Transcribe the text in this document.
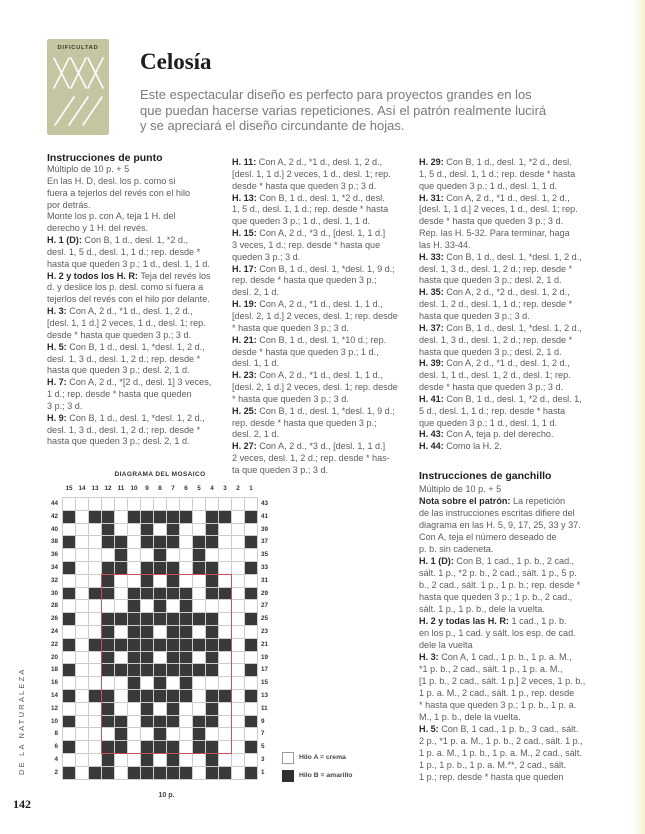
DIFICULTAD
Celosía
Este espectacular diseño es perfecto para proyectos grandes en los
que puedan hacerse varias repeticiones. Así el patrón realmente lucirá
y se apreciará el diseño circundante de hojas.
Instrucciones de punto
Múltiplo de 10 p. + 5
En las H. D, desl. los p. como si
fuera a tejerlos del revés con el hilo
por detrás.
Monte los p. con A, teja 1 H. del
derecho y 1 H. del revés.
H. 1 (D): Con B, 1 d., desl. 1, *2 d.,
desl. 1, 5 d., desl. 1, 1 d.; rep. desde *
hasta que queden 3 p.; 1 d., desl. 1, 1 d.
H. 2 y todos los H. R: Teja del revés los
d. y deslice los p. desl. como si fuera a
tejerlos del revés con el hilo por delante.
H. 3: Con A, 2 d., *1 d., desl. 1, 2 d.,
[desl. 1, 1 d.] 2 veces, 1 d., desl. 1; rep.
desde * hasta que queden 3 p.; 3 d.
H. 5: Con B, 1 d., desl. 1, *desl. 1, 2 d.,
desl. 1, 3 d., desl. 1, 2 d.; rep. desde *
hasta que queden 3 p.; desl. 2, 1 d.
H. 7: Con A, 2 d., *[2 d., desl. 1] 3 veces,
1 d.; rep. desde * hasta que queden
3 p.; 3 d.
H. 9: Con B, 1 d., desl. 1, *desl. 1, 2 d.,
desl. 1, 3 d., desl. 1, 2 d.; rep. desde *
hasta que queden 3 p.; desl. 2, 1 d.
H. 11: Con A, 2 d., *1 d., desl. 1, 2 d.,
[desl. 1, 1 d.] 2 veces, 1 d., desl. 1; rep.
desde * hasta que queden 3 p.; 3 d.
H. 13: Con B, 1 d., desl. 1, *2 d., desl.
1, 5 d., desl. 1, 1 d.; rep. desde * hasta
que queden 3 p.; 1 d., desl. 1, 1 d.
H. 15: Con A, 2 d., *3 d., [desl. 1, 1 d.]
3 veces, 1 d.; rep. desde * hasta que
queden 3 p.; 3 d.
H. 17: Con B, 1 d., desl. 1, *desl. 1, 9 d.;
rep. desde * hasta que queden 3 p.;
desl. 2, 1 d.
H. 19: Con A, 2 d., *1 d., desl. 1, 1 d.,
[desl. 2, 1 d.] 2 veces, desl. 1; rep. desde
* hasta que queden 3 p.; 3 d.
H. 21: Con B, 1 d., desl. 1, *10 d.; rep.
desde * hasta que queden 3 p.; 1 d.,
desl. 1, 1 d.
H. 23: Con A, 2 d., *1 d., desl. 1, 1 d.,
[desl. 2, 1 d.] 2 veces, desl. 1; rep. desde
* hasta que queden 3 p.; 3 d.
H. 25: Con B, 1 d., desl. 1, *desl. 1, 9 d.;
rep. desde * hasta que queden 3 p.;
desl. 2, 1 d.
H. 27: Con A, 2 d., *3 d., [desl. 1, 1 d.]
2 veces, desl. 1, 2 d.; rep. desde * has-
ta que queden 3 p.; 3 d.
H. 29: Con B, 1 d., desl. 1, *2 d., desl.
1, 5 d., desl. 1, 1 d.; rep. desde * hasta
que queden 3 p.; 1 d., desl. 1, 1 d.
H. 31: Con A, 2 d., *1 d., desl. 1, 2 d.,
[desl. 1, 1 d.] 2 veces, 1 d., desl. 1; rep.
desde * hasta que queden 3 p.; 3 d.
Rep. las H. 5-32. Para terminar, haga
las H. 33-44.
H. 33: Con B, 1 d., desl. 1, *desl. 1, 2 d.,
desl. 1, 3 d., desl. 1, 2 d.; rep. desde *
hasta que queden 3 p.; desl. 2, 1 d.
H. 35: Con A, 2 d., *2 d., desl. 1, 2 d.,
desl. 1, 2 d., desl. 1, 1 d.; rep. desde *
hasta que queden 3 p.; 3 d.
H. 37: Con B, 1 d., desl. 1, *desl. 1, 2 d.,
desl. 1, 3 d., desl. 1, 2 d.; rep. desde *
hasta que queden 3 p.; desl. 2, 1 d.
H. 39: Con A, 2 d., *1 d., desl. 1, 2 d.,
desl. 1, 1 d., desl. 1, 2 d., desl. 1; rep.
desde * hasta que queden 3 p.; 3 d.
H. 41: Con B, 1 d., desl. 1, *2 d., desl. 1,
5 d., desl. 1, 1 d.; rep. desde * hasta
que queden 3 p.; 1 d., desl. 1, 1 d.
H. 43: Con A, teja p. del derecho.
H. 44: Como la H. 2.
Instrucciones de ganchillo
Múltiplo de 10 p. + 5
Nota sobre el patrón: La repetición
de las instrucciones escritas difiere del
diagrama en las H. 5, 9, 17, 25, 33 y 37.
Con A, teja el número deseado de
p. b. sin cadeneta.
H. 1 (D): Con B, 1 cad., 1 p. b., 2 cad.,
sált. 1 p., *2 p. b., 2 cad., sált. 1 p., 5 p.
b., 2 cad., sált. 1 p., 1 p. b.; rep. desde *
hasta que queden 3 p.; 1 p. b., 2 cad.,
sált. 1 p., 1 p. b., dele la vuelta.
H. 2 y todas las H. R: 1 cad., 1 p. b.
en los p., 1 cad. y sált. los esp. de cad.
dele la vuelta
H. 3: Con A, 1 cad., 1 p. b., 1 p. a. M.,
*1 p. b., 2 cad., sált. 1 p., 1 p. a. M.,
[1 p. b., 2 cad., sált. 1 p.] 2 veces, 1 p. b.,
1 p. a. M., 2 cad., sált. 1 p., rep. desde
* hasta que queden 3 p.; 1 p. b., 1 p. a.
M., 1 p. b., dele la vuelta.
H. 5: Con B, 1 cad., 1 p. b., 3 cad., sált.
2 p., *1 p. a. M., 1 p. b., 2 cad., sált. 1 p.,
1 p. a. M., 1 p. b., 1 p. a. M., 2 cad., sált.
1 p., 1 p. b., 1 p. a. M.**, 2 cad., sált.
1 p.; rep. desde * hasta que queden
DIAGRAMA DEL MOSAICO
15 14 13 12 11 10	9	8	7	6	5	4	3	2	1
44
42
40
38
36
34
32
30
28
26
24
22
20
18
16
14
12
10
8
6
4
2
43
41
39
37
35
33
31
29
27
25
23
21
19
17
15
13
11
9
7
5
3
1
10 p.
Hilo A = crema
Hilo B = amarillo
DE LA NATURALEZA
142
